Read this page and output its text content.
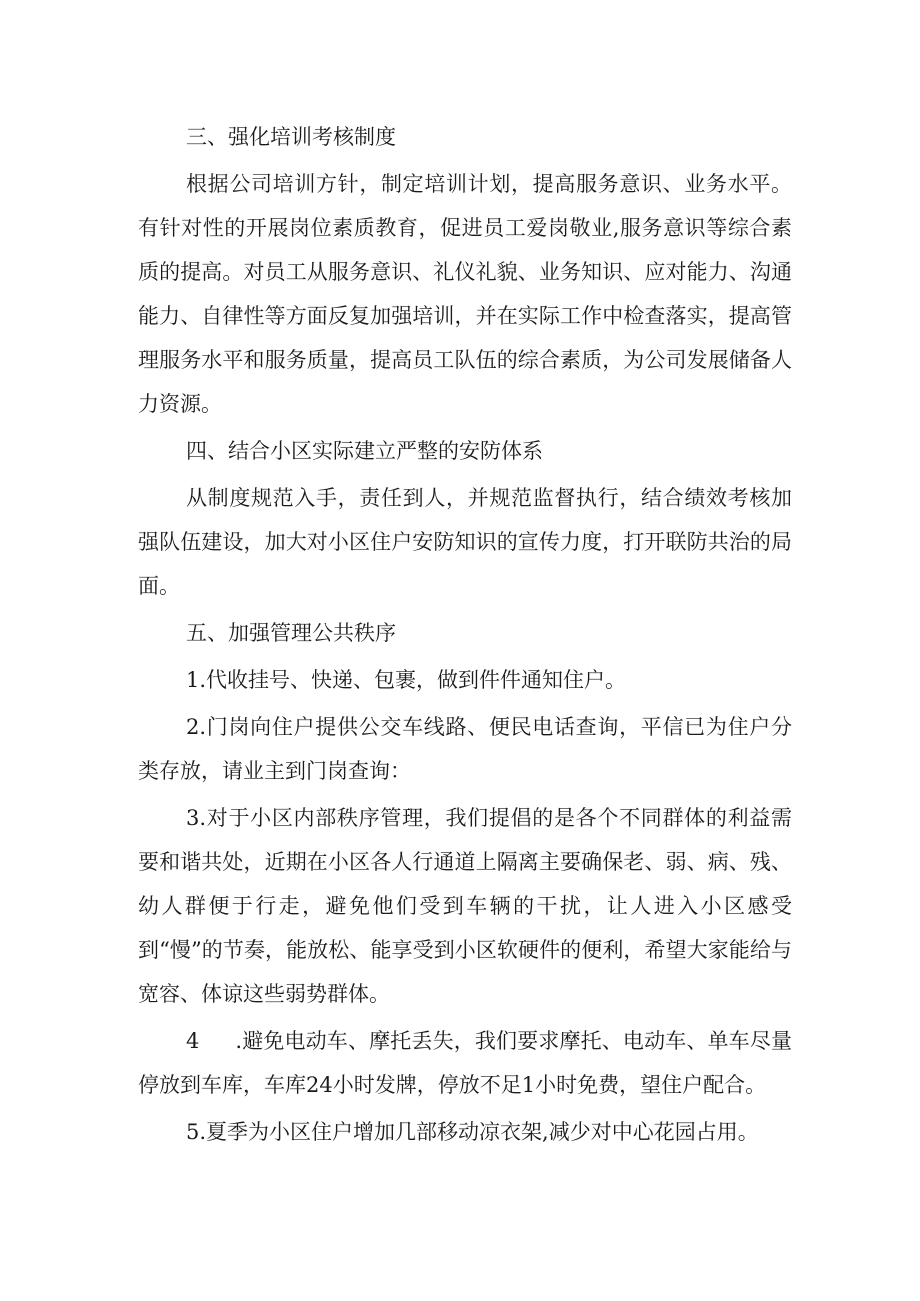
三、强化培训考核制度

根据公司培训方针，制定培训计划，提高服务意识、业务水平。有针对性的开展岗位素质教育，促进员工爱岗敬业,服务意识等综合素质的提高。对员工从服务意识、礼仪礼貌、业务知识、应对能力、沟通能力、自律性等方面反复加强培训，并在实际工作中检查落实，提高管理服务水平和服务质量，提高员工队伍的综合素质，为公司发展储备人力资源。

四、结合小区实际建立严整的安防体系

从制度规范入手，责任到人，并规范监督执行，结合绩效考核加强队伍建设，加大对小区住户安防知识的宣传力度，打开联防共治的局面。

五、加强管理公共秩序

1.代收挂号、快递、包裹，做到件件通知住户。

2.门岗向住户提供公交车线路、便民电话查询，平信已为住户分类存放，请业主到门岗查询：

3.对于小区内部秩序管理，我们提倡的是各个不同群体的利益需要和谐共处，近期在小区各人行通道上隔离主要确保老、弱、病、残、幼人群便于行走，避免他们受到车辆的干扰，让人进入小区感受到“慢”的节奏，能放松、能享受到小区软硬件的便利，希望大家能给与宽容、体谅这些弱势群体。

4 .避免电动车、摩托丢失，我们要求摩托、电动车、单车尽量停放到车库，车库24小时发牌，停放不足1小时免费，望住户配合。

5.夏季为小区住户增加几部移动凉衣架,减少对中心花园占用。
